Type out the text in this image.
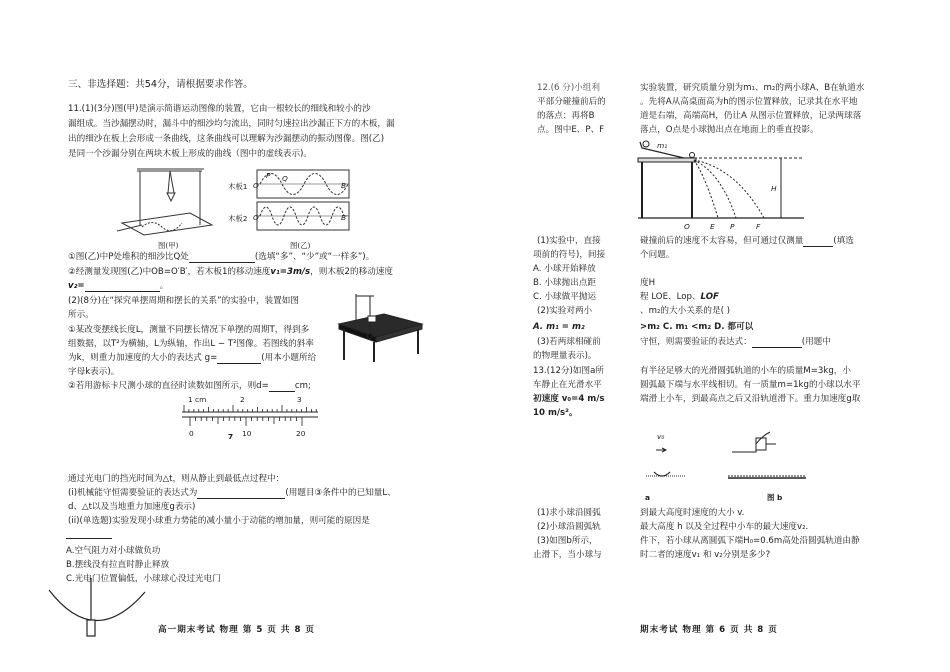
三、非选择题：共54分，请根据要求作答。
11.(1)(3分)图(甲)是演示简谐运动图像的装置，它由一根较长的细线和较小的沙
漏组成。当沙漏摆动时，漏斗中的细沙均匀流出，同时匀速拉出沙漏正下方的木板，漏
出的细沙在板上会形成一条曲线，这条曲线可以理解为沙漏摆动的振动图像。图(乙)
是同一个沙漏分别在两块木板上形成的曲线（图中的虚线表示)。
图(甲)
木板1
木板2
O
P Q
B
O′	B′
图(乙)
①图(乙)中P处堆积的细沙比Q处	(选填“多”、“少”或“一样多”)。
②经测量发现图(乙)中OB=O′B′，若木板1的移动速度v₁=3m/s，则木板2的移动速度
v₂=	。
(2)(8分)在“探究单摆周期和摆长的关系”的实验中，装置如图
所示。
①某改变摆线长度L，测量不同摆长情况下单摆的周期T，得到多
组数据，以T²为横轴，L为纵轴，作出L − T²图像。若图线的斜率
为k，则重力加速度的大小的表达式 g=	(用本小题所给
字母k表示)。
②若用游标卡尺测小球的直径时读数如图所示，则d=	cm;
1 cm	2	3
0	7 10	20
通过光电门的挡光时间为△t，则从静止到最低点过程中：
(i)机械能守恒需要验证的表达式为	(用题目③条件中的已知量L、
d、△t以及当地重力加速度g表示)
(ii)(单选题)实验发现小球重力势能的减小量小于动能的增加量，则可能的原因是
A.空气阻力对小球做负功
B.摆线没有拉直时静止释放
C.光电门位置偏低，小球球心没过光电门
高一期末考试 物理 第 5 页 共 8 页
12.(6 分)小组利
平部分碰撞前后的
的落点：再将B
点。图中E、P、F
实验装置，研究质量分别为m₁、m₂的两小球A、B在轨道水
。先将A从高桌面高为h的图示位置释放，记录其在水平地
道是右端，高端高H，仍让A 从图示位置释放，记录两球落
落点，O点是小球抛出点在地面上的垂直投影。
m₁
H
O	E P	F
(1)实验中，直接
项前的符号)，间接
A. 小球开始释放
B. 小球抛出点距
C. 小球做平抛运
(2)实验对两小
A. m₁ = m₂
(3)若两球相碰前
的物理量表示)。
13.(12分)如图a所
车静止在光滑水平
初速度 v₀=4 m/s
10 m/s²。
碰撞前后的速度不太容易，但可通过仅测量	(填选
个问题。
度H
程 LOE、Lop、LOF
、m₂的大小关系的是( )
>m₂ C. m₁ <m₂ D. 都可以
守恒，则需要验证的表达式：	(用题中
有半径足够大的光滑圆弧轨道的小车的质量M=3kg，小
圆弧最下端与水平线相切。有一质量m=1kg的小球以水平
端滑上小车，到最高点之后又沿轨道滑下。重力加速度g取
v₀
a	图 b
(1)求小球沿圆弧
(2)小球沿圆弧轨
(3)如图b所示，
止滑下，当小球与
到最大高度时速度的大小 v.
最大高度 h 以及全过程中小车的最大速度v₂.
件下，若小球从离圆弧下端H₀=0.6m高处沿圆弧轨道由静
时二者的速度v₁ 和 v₂分别是多少?
期末考试 物理 第 6 页 共 8 页
